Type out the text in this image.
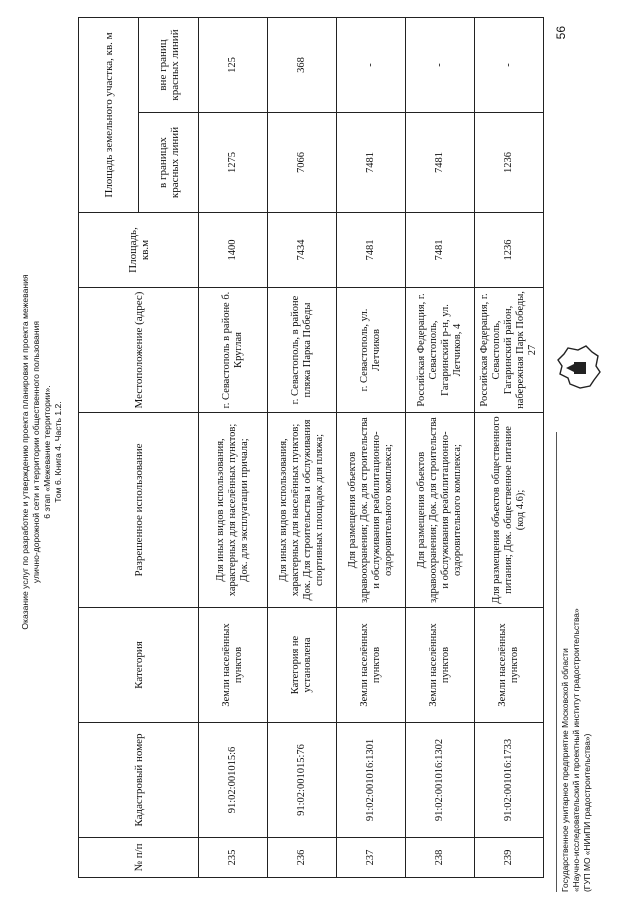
Оказание услуг по разработке и утверждению проекта планировки и проекта межевания улично-дорожной сети и территории общественного пользования 6 этап «Межевание территории». Том 6. Книга 4. Часть 1.2.
56
№ п/п	Кадастровый номер	Категория	Разрешенное использование	Местоположение (адрес)	Площадь, кв.м	Площадь земельного участка, кв. м	
						в границах красных линий	вне границ красных линий
235	91:02:001015:6	Земли населённых пунктов	Для иных видов использования, характерных для населённых пунктов; Док. для эксплуатации причала;	г. Севастополь в районе б. Круглая	1400	1275	125
236	91:02:001015:76	Категория не установлена	Для иных видов использования, характерных для населённых пунктов; Док. Для строительства и обслуживания спортивных площадок для пляжа;	г. Севастополь, в районе пляжа Парка Победы	7434	7066	368
237	91:02:001016:1301	Земли населённых пунктов	Для размещения объектов здравоохранения; Док. для строительства и обслуживания реабилитационно-оздоровительного комплекса;	г. Севастополь, ул. Летчиков	7481	7481	-
238	91:02:001016:1302	Земли населённых пунктов	Для размещения объектов здравоохранения; Док. для строительства и обслуживания реабилитационно-оздоровительного комплекса;	Российская Федерация, г. Севастополь, Гагаринский р-н, ул. Летчиков, 4	7481	7481	-
239	91:02:001016:1733	Земли населённых пунктов	Для размещения объектов общественного питания; Док. общественное питание (код 4.6);	Российская Федерация, г. Севастополь, Гагаринский район, набережная Парк Победы, 27	1236	1236	-
Государственное унитарное предприятие Московской области «Научно-исследовательский и проектный институт градостроительства» (ГУП МО «НИиПИ градостроительства»)
